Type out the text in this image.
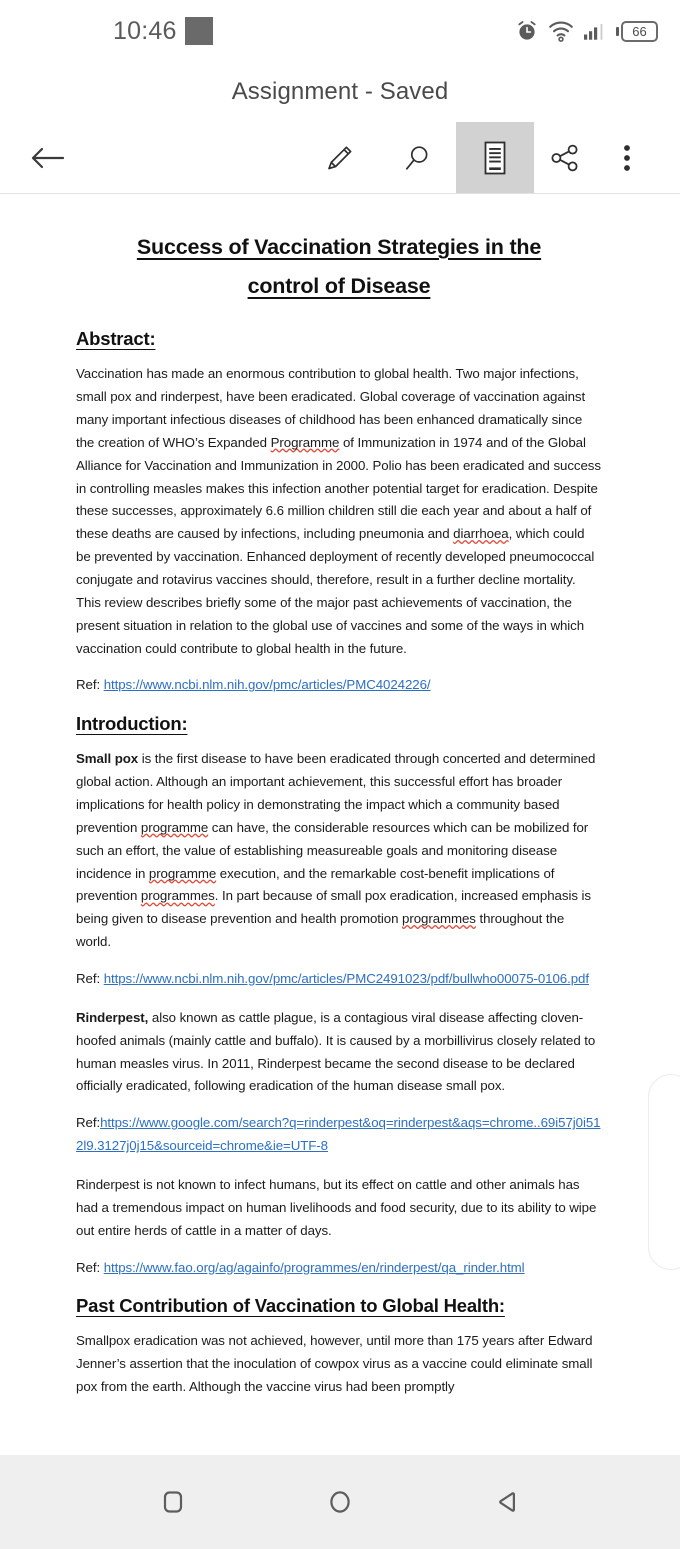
10:46	66
Assignment - Saved
Success of Vaccination Strategies in the
control of Disease
Abstract:

Vaccination has made an enormous contribution to global health. Two major infections, small pox and rinderpest, have been eradicated. Global coverage of vaccination against many important infectious diseases of childhood has been enhanced dramatically since the creation of WHO’s Expanded Programme of Immunization in 1974 and of the Global Alliance for Vaccination and Immunization in 2000. Polio has been eradicated and success in controlling measles makes this infection another potential target for eradication. Despite these successes, approximately 6.6 million children still die each year and about a half of these deaths are caused by infections, including pneumonia and diarrhoea, which could be prevented by vaccination. Enhanced deployment of recently developed pneumococcal conjugate and rotavirus vaccines should, therefore, result in a further decline mortality. This review describes briefly some of the major past achievements of vaccination, the present situation in relation to the global use of vaccines and some of the ways in which vaccination could contribute to global health in the future.

Ref: https://www.ncbi.nlm.nih.gov/pmc/articles/PMC4024226/

Introduction:

Small pox is the first disease to have been eradicated through concerted and determined global action. Although an important achievement, this successful effort has broader implications for health policy in demonstrating the impact which a community based prevention programme can have, the considerable resources which can be mobilized for such an effort, the value of establishing measureable goals and monitoring disease incidence in programme execution, and the remarkable cost-benefit implications of prevention programmes. In part because of small pox eradication, increased emphasis is being given to disease prevention and health promotion programmes throughout the world.

Ref: https://www.ncbi.nlm.nih.gov/pmc/articles/PMC2491023/pdf/bullwho00075-0106.pdf

Rinderpest, also known as cattle plague, is a contagious viral disease affecting cloven-hoofed animals (mainly cattle and buffalo). It is caused by a morbillivirus closely related to human measles virus. In 2011, Rinderpest became the second disease to be declared officially eradicated, following eradication of the human disease small pox.

Ref:https://www.google.com/search?q=rinderpest&oq=rinderpest&aqs=chrome..69i57j0i512l9.3127j0j15&sourceid=chrome&ie=UTF-8

Rinderpest is not known to infect humans, but its effect on cattle and other animals has had a tremendous impact on human livelihoods and food security, due to its ability to wipe out entire herds of cattle in a matter of days.

Ref: https://www.fao.org/ag/againfo/programmes/en/rinderpest/qa_rinder.html

Past Contribution of Vaccination to Global Health:

Smallpox eradication was not achieved, however, until more than 175 years after Edward Jenner’s assertion that the inoculation of cowpox virus as a vaccine could eliminate small pox from the earth. Although the vaccine virus had been promptly
